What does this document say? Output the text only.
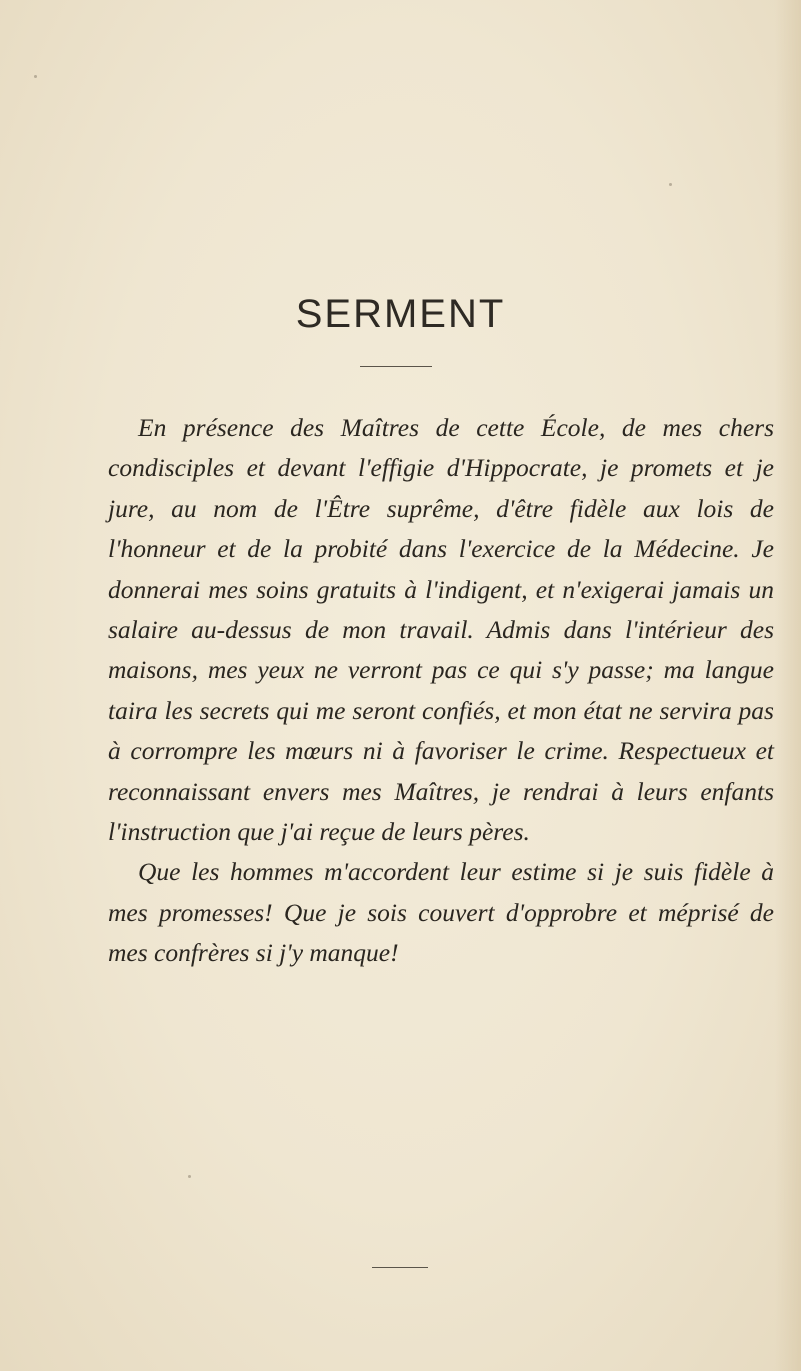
SERMENT

En présence des Maîtres de cette École, de mes chers condisciples et devant l'effigie d'Hippocrate, je promets et je jure, au nom de l'Être suprême, d'être fidèle aux lois de l'honneur et de la probité dans l'exercice de la Médecine. Je donnerai mes soins gratuits à l'indigent, et n'exigerai jamais un salaire au-dessus de mon travail. Admis dans l'intérieur des maisons, mes yeux ne verront pas ce qui s'y passe; ma langue taira les secrets qui me seront confiés, et mon état ne servira pas à corrompre les mœurs ni à favoriser le crime. Respectueux et reconnaissant envers mes Maîtres, je rendrai à leurs enfants l'instruction que j'ai reçue de leurs pères.

Que les hommes m'accordent leur estime si je suis fidèle à mes promesses! Que je sois couvert d'opprobre et méprisé de mes confrères si j'y manque!
